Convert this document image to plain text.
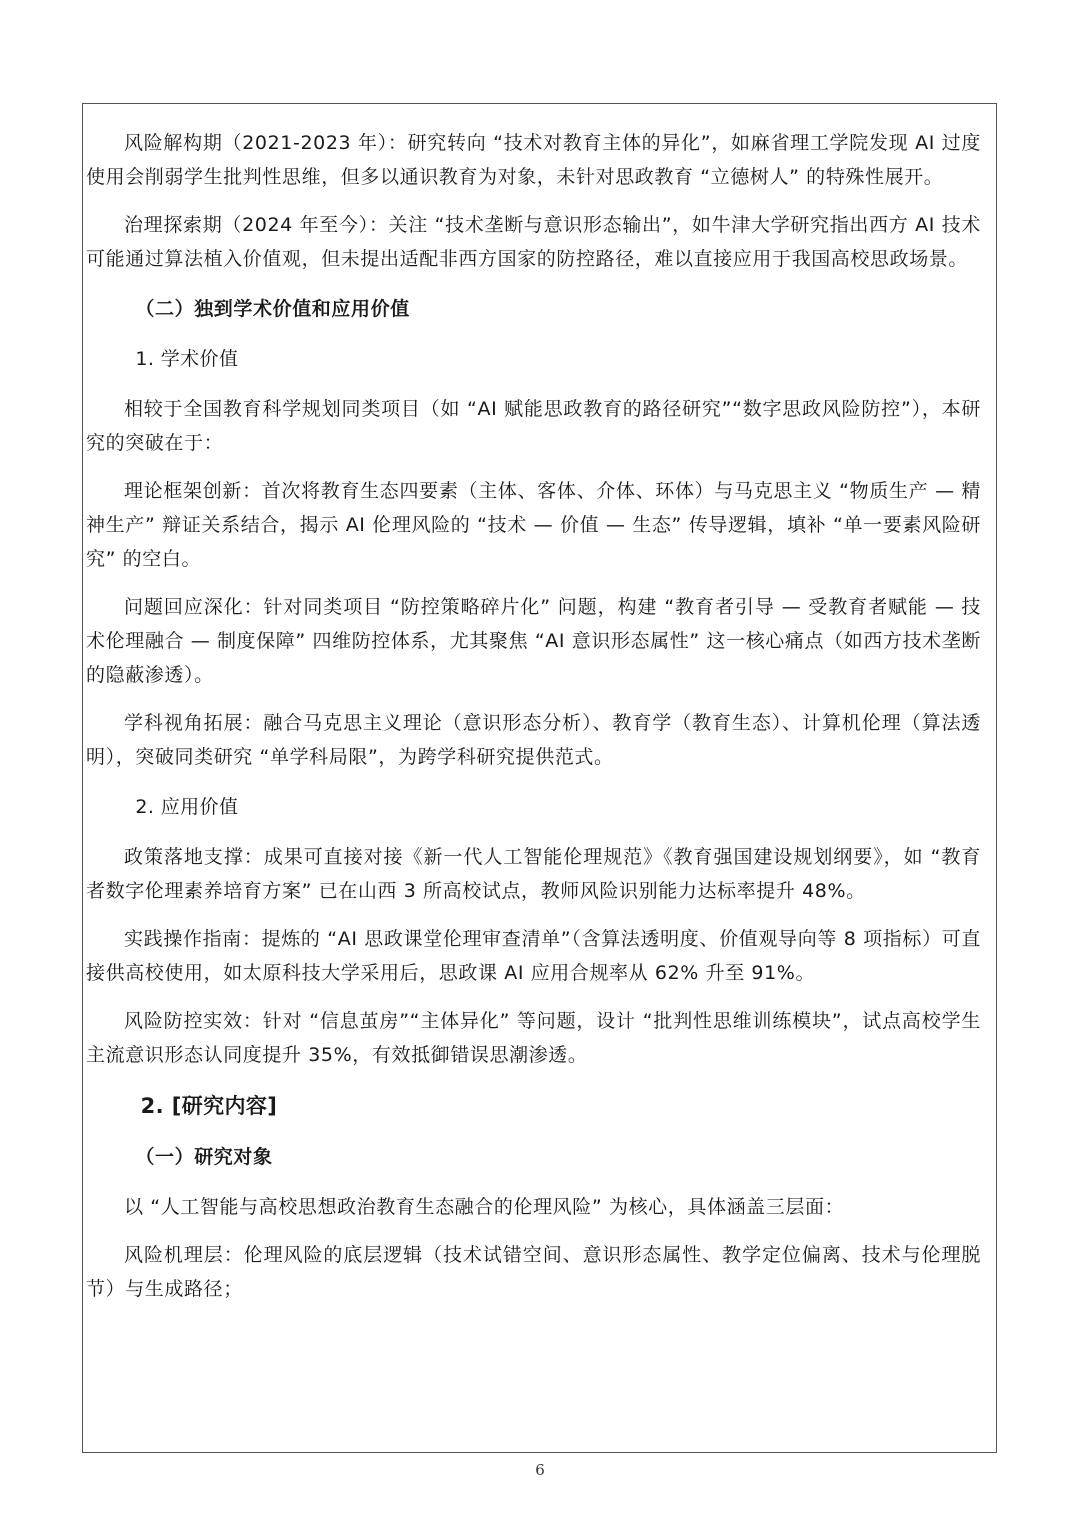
风险解构期（2021-2023 年）：研究转向 “技术对教育主体的异化”，如麻省理工学院发现 AI 过度使用会削弱学生批判性思维，但多以通识教育为对象，未针对思政教育 “立德树人” 的特殊性展开。

治理探索期（2024 年至今）：关注 “技术垄断与意识形态输出”，如牛津大学研究指出西方 AI 技术可能通过算法植入价值观，但未提出适配非西方国家的防控路径，难以直接应用于我国高校思政场景。

（二）独到学术价值和应用价值

1. 学术价值

相较于全国教育科学规划同类项目（如 “AI 赋能思政教育的路径研究”“数字思政风险防控”），本研究的突破在于：

理论框架创新：首次将教育生态四要素（主体、客体、介体、环体）与马克思主义 “物质生产 — 精神生产” 辩证关系结合，揭示 AI 伦理风险的 “技术 — 价值 — 生态” 传导逻辑，填补 “单一要素风险研究” 的空白。

问题回应深化：针对同类项目 “防控策略碎片化” 问题，构建 “教育者引导 — 受教育者赋能 — 技术伦理融合 — 制度保障” 四维防控体系，尤其聚焦 “AI 意识形态属性” 这一核心痛点（如西方技术垄断的隐蔽渗透）。

学科视角拓展：融合马克思主义理论（意识形态分析）、教育学（教育生态）、计算机伦理（算法透明），突破同类研究 “单学科局限”，为跨学科研究提供范式。

2. 应用价值

政策落地支撑：成果可直接对接《新一代人工智能伦理规范》《教育强国建设规划纲要》，如 “教育者数字伦理素养培育方案” 已在山西 3 所高校试点，教师风险识别能力达标率提升 48%。

实践操作指南：提炼的 “AI 思政课堂伦理审查清单”（含算法透明度、价值观导向等 8 项指标）可直接供高校使用，如太原科技大学采用后，思政课 AI 应用合规率从 62% 升至 91%。

风险防控实效：针对 “信息茧房”“主体异化” 等问题，设计 “批判性思维训练模块”，试点高校学生主流意识形态认同度提升 35%，有效抵御错误思潮渗透。

2. [研究内容]

（一）研究对象

以 “人工智能与高校思想政治教育生态融合的伦理风险” 为核心，具体涵盖三层面：

风险机理层：伦理风险的底层逻辑（技术试错空间、意识形态属性、教学定位偏离、技术与伦理脱节）与生成路径；

6
